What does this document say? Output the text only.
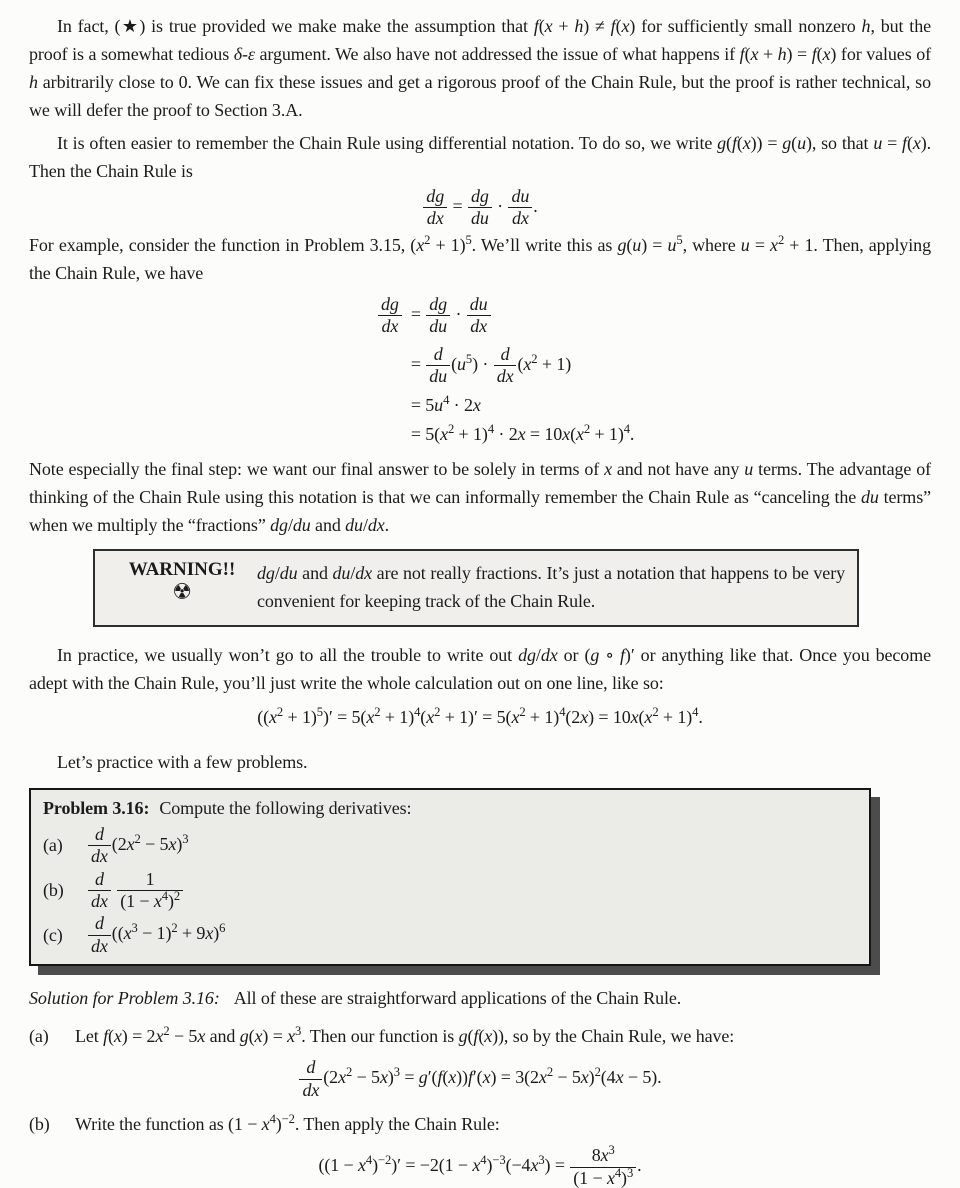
In fact, (★) is true provided we make make the assumption that f(x + h) ≠ f(x) for sufficiently small nonzero h, but the proof is a somewhat tedious δ-ε argument. We also have not addressed the issue of what happens if f(x + h) = f(x) for values of h arbitrarily close to 0. We can fix these issues and get a rigorous proof of the Chain Rule, but the proof is rather technical, so we will defer the proof to Section 3.A.

It is often easier to remember the Chain Rule using differential notation. To do so, we write g(f(x)) = g(u), so that u = f(x). Then the Chain Rule is

$\frac{dg}{dx} = \frac{dg}{du} \cdot \frac{du}{dx}$ .

For example, consider the function in Problem 3.15, $(x^2 + 1)^5$. We’ll write this as $g(u) = u^5$, where $u = x^2 + 1$. Then, applying the Chain Rule, we have

$\frac{dg}{dx}$	= $\frac{dg}{du} \cdot \frac{du}{dx}$

	= $\frac{d}{du} (u^5) \cdot \frac{d}{dx} (x^2 + 1)$
	= $5u^4 \cdot 2x$
	= $5(x^2 + 1)^4 \cdot 2x = 10x(x^2 + 1)^4$.

Note especially the final step: we want our final answer to be solely in terms of x and not have any u terms. The advantage of thinking of the Chain Rule using this notation is that we can informally remember the Chain Rule as “canceling the du terms” when we multiply the “fractions” dg/du and du/dx.

WARNING!!
☢
dg/du and du/dx are not really fractions. It’s just a notation that happens to be very convenient for keeping track of the Chain Rule.

In practice, we usually won’t go to all the trouble to write out dg/dx or (g ∘ f)′ or anything like that. Once you become adept with the Chain Rule, you’ll just write the whole calculation out on one line, like so:

$((x^2 + 1)^5)' = 5(x^2 + 1)^4(x^2 + 1)' = 5(x^2 + 1)^4(2x) = 10x(x^2 + 1)^4$.

Let’s practice with a few problems.

Problem 3.16: Compute the following derivatives:
(a)	$\frac{d}{dx} (2x^2 - 5x)^3$
(b)	$\frac{d}{dx}$
$\frac{1}{(1 - x^4)^2}$
(c)	$\frac{d}{dx} ((x^3 - 1)^2 + 9x)^6$

Solution for Problem 3.16: All of these are straightforward applications of the Chain Rule.

(a)	Let $f(x) = 2x^2 - 5x$ and $g(x) = x^3$. Then our function is g(f(x)), so by the Chain Rule, we have:
$\frac{d}{dx} (2x^2 - 5x)^3 = g'(f(x))f'(x) = 3(2x^2 - 5x)^2(4x - 5)$.
(b)	Write the function as $(1 - x^4)^{-2}$. Then apply the Chain Rule:
$((1 - x^4)^{-2})' = -2(1 - x^4)^{-3}(-4x^3) = \frac{8x^3}{(1 - x^4)^3}$ .
